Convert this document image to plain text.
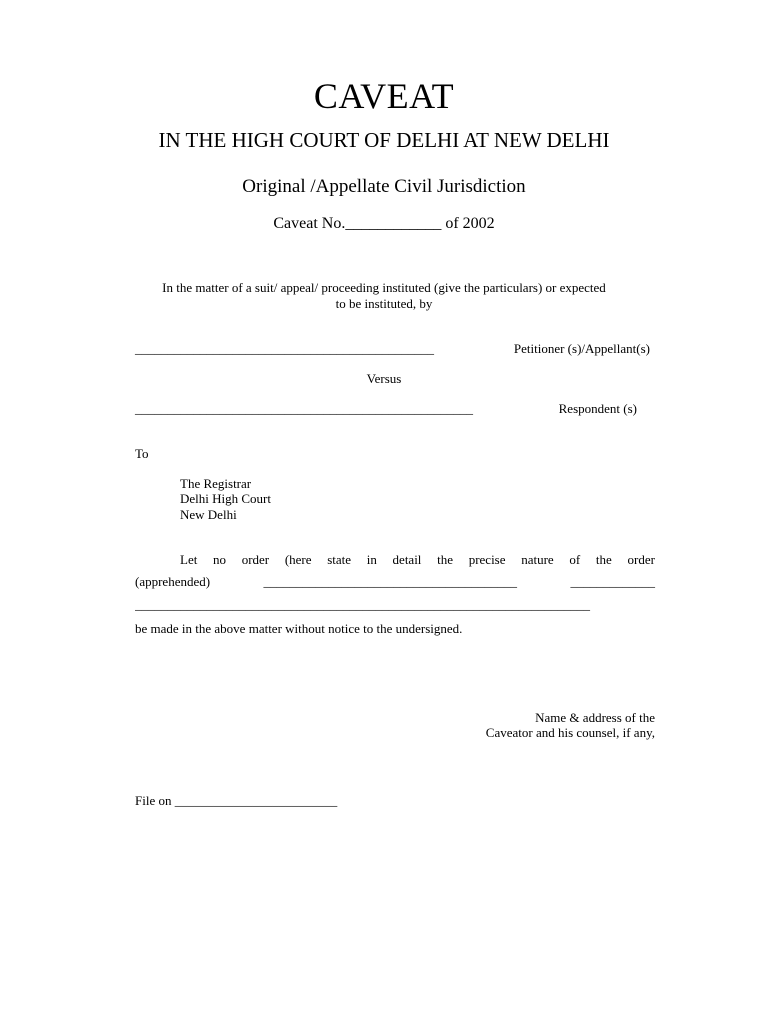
CAVEAT
IN THE HIGH COURT OF DELHI AT NEW DELHI
Original /Appellate Civil Jurisdiction
Caveat No.____________ of 2002
In the matter of a suit/ appeal/ proceeding instituted (give the particulars) or expected
to be instituted, by
______________________________________________	Petitioner (s)/Appellant(s)
Versus
____________________________________________________	Respondent (s)
To
The Registrar
Delhi High Court
New Delhi
Let no order (here state in detail the precise nature of the order
(apprehended)	_______________________________________	_____________
______________________________________________________________________
be made in the above matter without notice to the undersigned.
Name & address of the
Caveator and his counsel, if any,
File on _________________________
